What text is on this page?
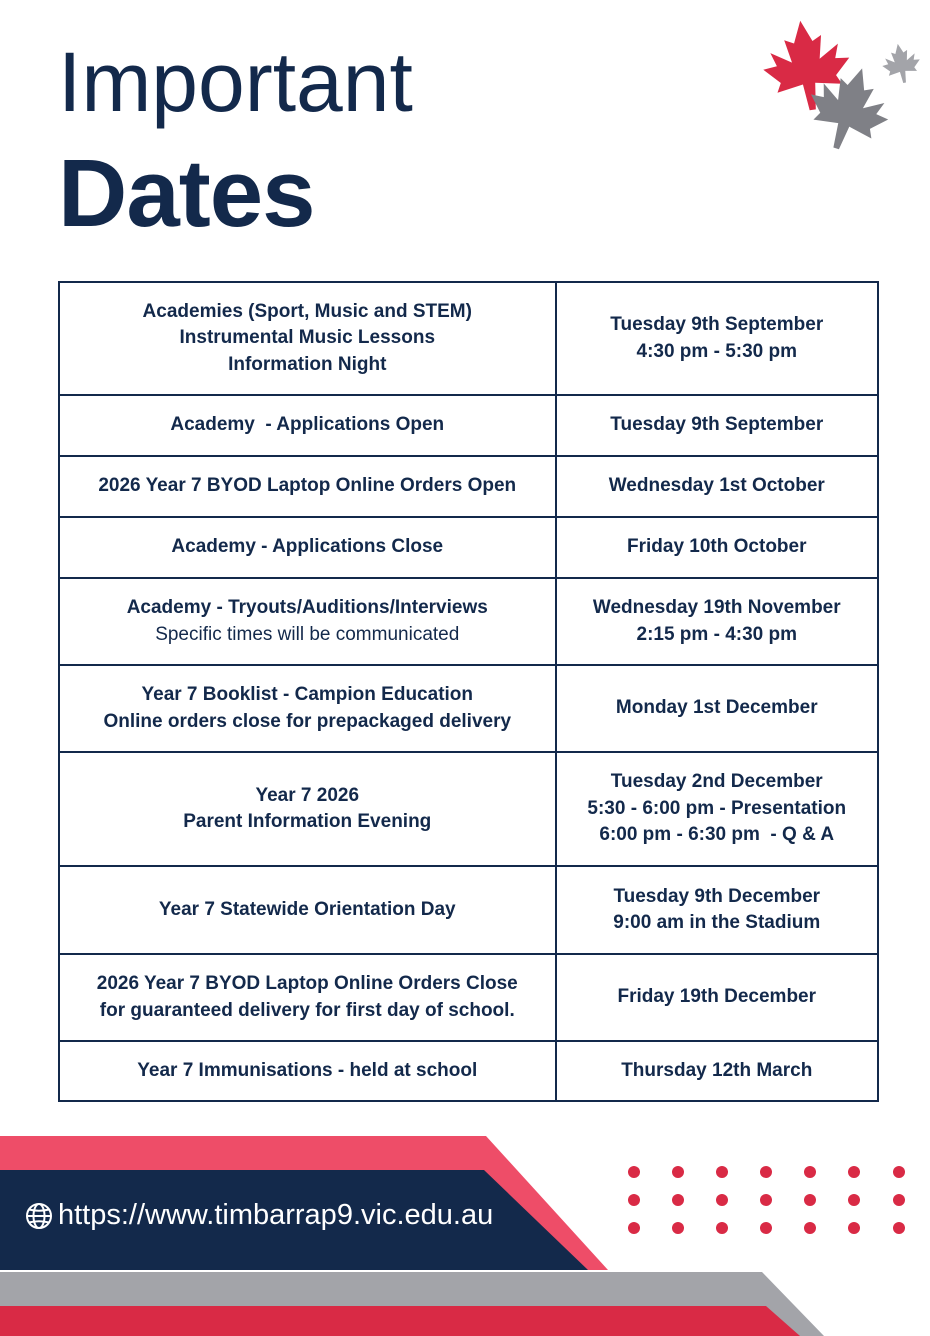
Important
Dates
Academies (Sport, Music and STEM)
Instrumental Music Lessons
Information Night	Tuesday 9th September
4:30 pm - 5:30 pm

Academy  - Applications Open	Tuesday 9th September

2026 Year 7 BYOD Laptop Online Orders Open	Wednesday 1st October

Academy - Applications Close	Friday 10th October

Academy - Tryouts/Auditions/Interviews
Specific times will be communicated	Wednesday 19th November
2:15 pm - 4:30 pm

Year 7 Booklist - Campion Education
Online orders close for prepackaged delivery	Monday 1st December

Year 7 2026
Parent Information Evening	Tuesday 2nd December
5:30 - 6:00 pm - Presentation
6:00 pm - 6:30 pm  - Q & A

Year 7 Statewide Orientation Day	Tuesday 9th December
9:00 am in the Stadium

2026 Year 7 BYOD Laptop Online Orders Close
for guaranteed delivery for first day of school.	Friday 19th December

Year 7 Immunisations - held at school	Thursday 12th March
https://www.timbarrap9.vic.edu.au
